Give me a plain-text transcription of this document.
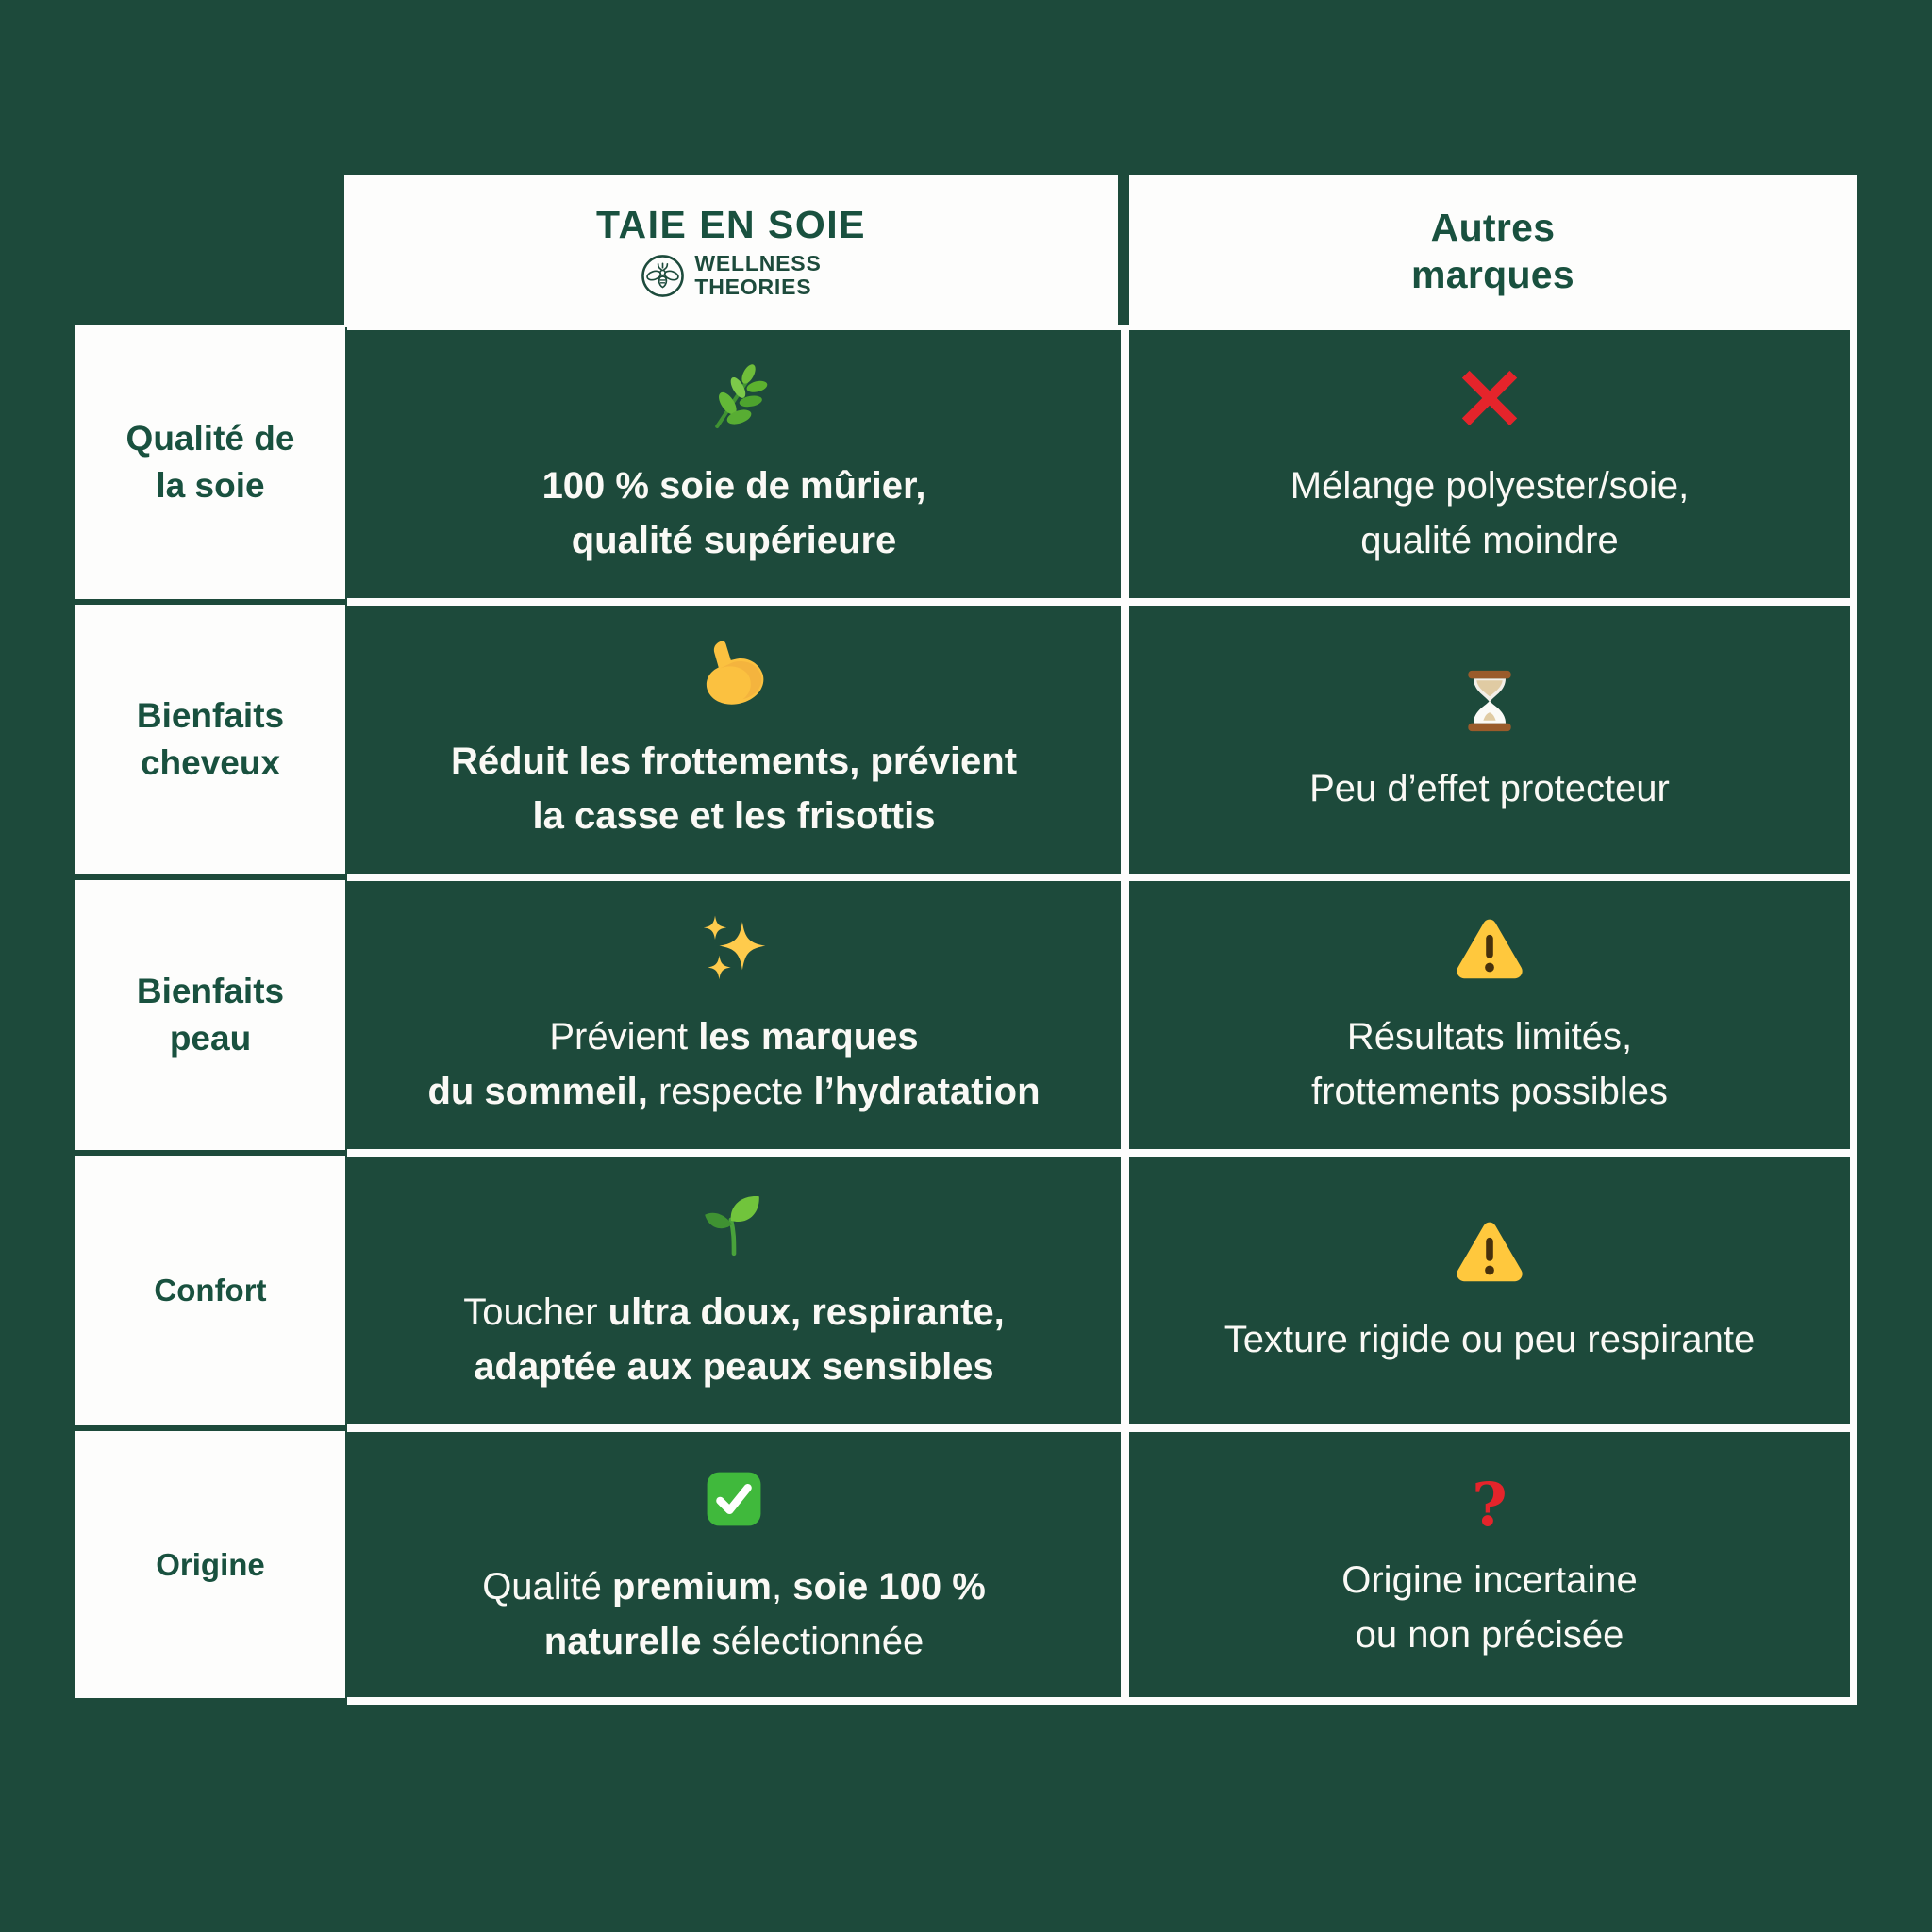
TAIE EN SOIE
WELLNESS
THEORIES
Autres
marques
Qualité de
la soie
Bienfaits
cheveux
Bienfaits
peau
Confort
Origine
100 % soie de mûrier,
qualité supérieure
Mélange polyester/soie,
qualité moindre
Réduit les frottements, prévient
la casse et les frisottis
Peu d’effet protecteur
Prévient les marques
du sommeil, respecte l’hydratation
Résultats limités,
frottements possibles
Toucher ultra doux, respirante,
adaptée aux peaux sensibles
Texture rigide ou peu respirante
Qualité premium, soie 100 %
naturelle sélectionnée
?
Origine incertaine
ou non précisée
